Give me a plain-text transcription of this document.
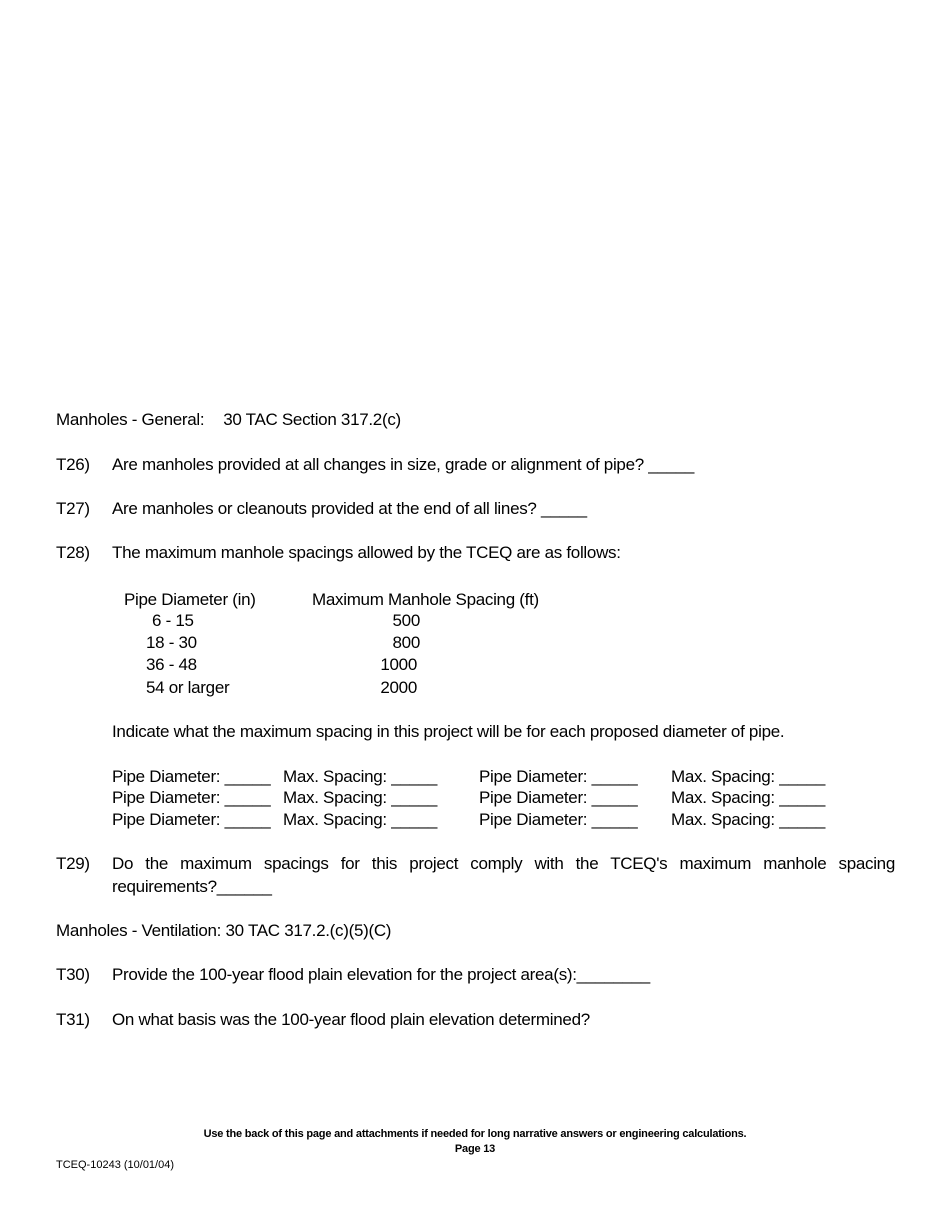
Manholes - General: 30 TAC Section 317.2(c)
T26) Are manholes provided at all changes in size, grade or alignment of pipe? _____
T27) Are manholes or cleanouts provided at the end of all lines? _____
T28) The maximum manhole spacings allowed by the TCEQ are as follows:
Pipe Diameter (in)	Maximum Manhole Spacing (ft)
6 - 15	500
18 - 30	800
36 - 48	1000
54 or larger	2000
Indicate what the maximum spacing in this project will be for each proposed diameter of pipe.
Pipe Diameter: _____ Max. Spacing: _____ Pipe Diameter: _____ Max. Spacing: _____
Pipe Diameter: _____ Max. Spacing: _____ Pipe Diameter: _____ Max. Spacing: _____
Pipe Diameter: _____ Max. Spacing: _____ Pipe Diameter: _____ Max. Spacing: _____
T29) Do the maximum spacings for this project comply with the TCEQ's maximum manhole spacing
requirements?______
Manholes - Ventilation: 30 TAC 317.2.(c)(5)(C)
T30) Provide the 100-year flood plain elevation for the project area(s):________
T31) On what basis was the 100-year flood plain elevation determined?
Use the back of this page and attachments if needed for long narrative answers or engineering calculations.
Page 13
TCEQ-10243 (10/01/04)
